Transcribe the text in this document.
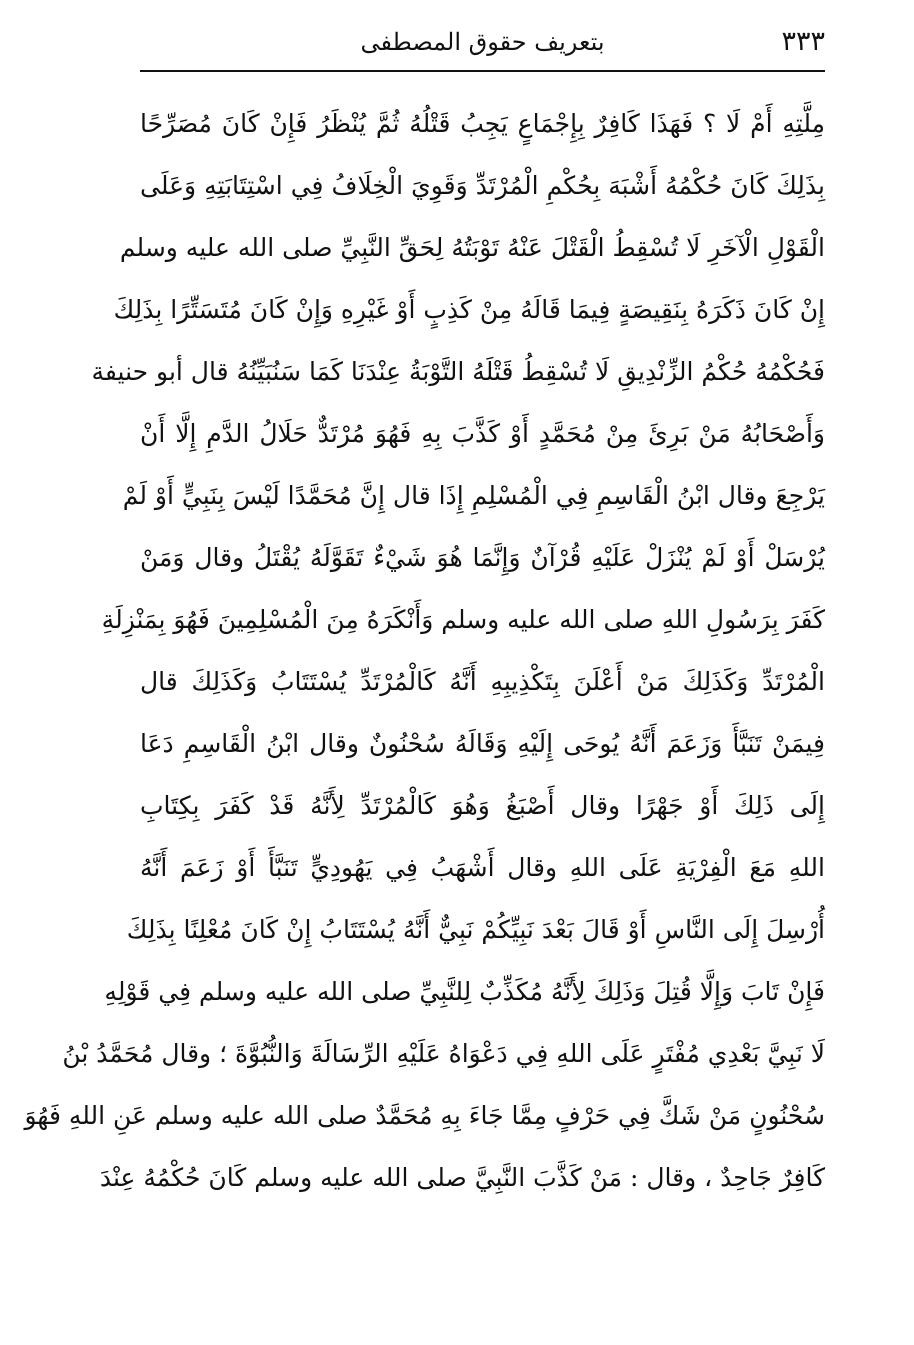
٣٣٣
بتعريف حقوق المصطفى
مِلَّتِهِ أَمْ لَا ؟ فَهَذَا كَافِرٌ بِإِجْمَاعٍ يَجِبُ قَتْلُهُ ثُمَّ يُنْظَرُ فَإِنْ كَانَ مُصَرِّحًا
بِذَلِكَ كَانَ حُكْمُهُ أَشْبَهَ بِحُكْمِ الْمُرْتَدِّ وَقَوِيَ الْخِلَافُ فِي اسْتِتَابَتِهِ وَعَلَى
الْقَوْلِ الْآخَرِ لَا تُسْقِطُ الْقَتْلَ عَنْهُ تَوْبَتُهُ لِحَقِّ النَّبِيِّ صلى الله عليه وسلم
إِنْ كَانَ ذَكَرَهُ بِنَقِيصَةٍ فِيمَا قَالَهُ مِنْ كَذِبٍ أَوْ غَيْرِهِ وَإِنْ كَانَ مُتَسَتِّرًا بِذَلِكَ
فَحُكْمُهُ حُكْمُ الزِّنْدِيقِ لَا تُسْقِطُ قَتْلَهُ التَّوْبَةُ عِنْدَنَا كَمَا سَنُبَيِّنُهُ قال أبو حنيفة
وَأَصْحَابُهُ مَنْ بَرِئَ مِنْ مُحَمَّدٍ أَوْ كَذَّبَ بِهِ فَهُوَ مُرْتَدٌّ حَلَالُ الدَّمِ إِلَّا أَنْ
يَرْجِعَ وقال ابْنُ الْقَاسِمِ فِي الْمُسْلِمِ إِذَا قال إِنَّ مُحَمَّدًا لَيْسَ بِنَبِيٍّ أَوْ لَمْ
يُرْسَلْ أَوْ لَمْ يُنْزَلْ عَلَيْهِ قُرْآنٌ وَإِنَّمَا هُوَ شَيْءٌ تَقَوَّلَهُ يُقْتَلُ وقال وَمَنْ
كَفَرَ بِرَسُولِ اللهِ صلى الله عليه وسلم وَأَنْكَرَهُ مِنَ الْمُسْلِمِينَ فَهُوَ بِمَنْزِلَةِ
الْمُرْتَدِّ وَكَذَلِكَ مَنْ أَعْلَنَ بِتَكْذِيبِهِ أَنَّهُ كَالْمُرْتَدِّ يُسْتَتَابُ وَكَذَلِكَ قال
فِيمَنْ تَنَبَّأَ وَزَعَمَ أَنَّهُ يُوحَى إِلَيْهِ وَقَالَهُ سُحْنُونٌ وقال ابْنُ الْقَاسِمِ دَعَا
إِلَى ذَلِكَ أَوْ جَهْرًا وقال أَصْبَغُ وَهُوَ كَالْمُرْتَدِّ لِأَنَّهُ قَدْ كَفَرَ بِكِتَابِ
اللهِ مَعَ الْفِرْيَةِ عَلَى اللهِ وقال أَشْهَبُ فِي يَهُودِيٍّ تَنَبَّأَ أَوْ زَعَمَ أَنَّهُ
أُرْسِلَ إِلَى النَّاسِ أَوْ قَالَ بَعْدَ نَبِيِّكُمْ نَبِيٌّ أَنَّهُ يُسْتَتَابُ إِنْ كَانَ مُعْلِنًا بِذَلِكَ
فَإِنْ تَابَ وَإِلَّا قُتِلَ وَذَلِكَ لِأَنَّهُ مُكَذِّبٌ لِلنَّبِيِّ صلى الله عليه وسلم فِي قَوْلِهِ
لَا نَبِيَّ بَعْدِي مُفْتَرٍ عَلَى اللهِ فِي دَعْوَاهُ عَلَيْهِ الرِّسَالَةَ وَالنُّبُوَّةَ ؛ وقال مُحَمَّدُ بْنُ
سُحْنُونٍ مَنْ شَكَّ فِي حَرْفٍ مِمَّا جَاءَ بِهِ مُحَمَّدٌ صلى الله عليه وسلم عَنِ اللهِ فَهُوَ
كَافِرٌ جَاحِدٌ ، وقال : مَنْ كَذَّبَ النَّبِيَّ صلى الله عليه وسلم كَانَ حُكْمُهُ عِنْدَ
